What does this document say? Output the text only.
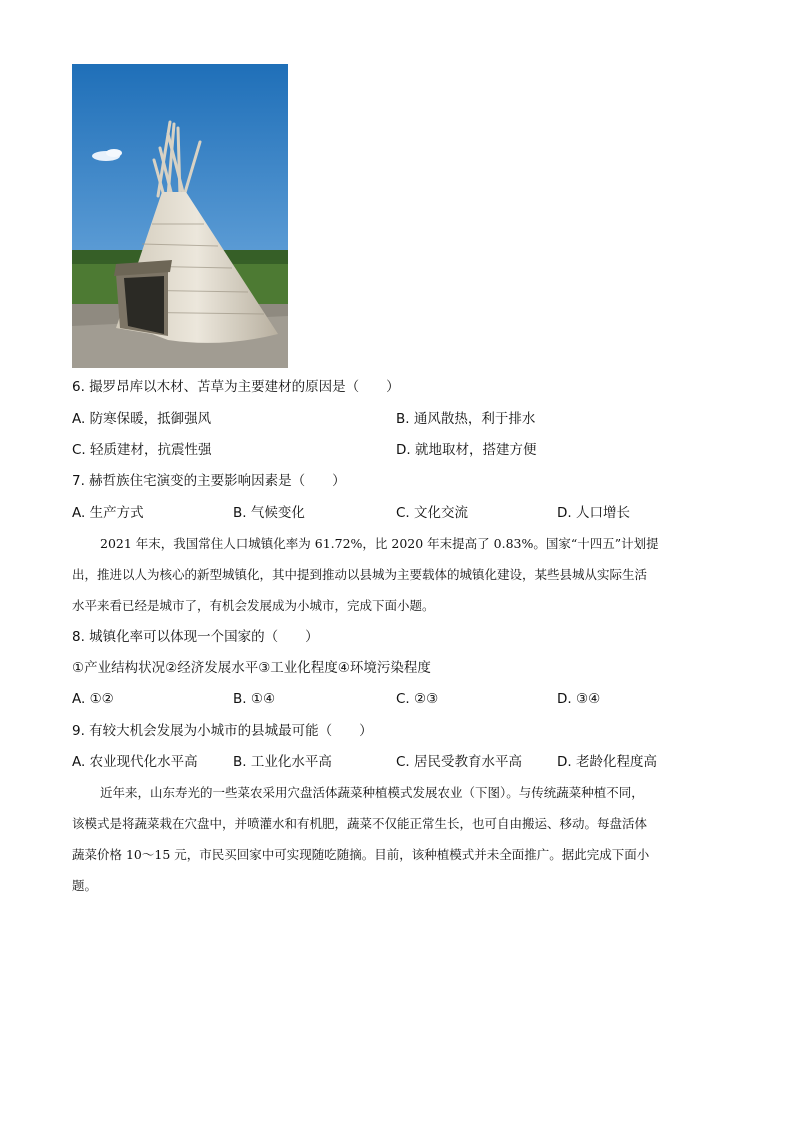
6. 撮罗昂库以木材、苫草为主要建材的原因是（　　）
A. 防寒保暖，抵御强风	B. 通风散热，利于排水
C. 轻质建材，抗震性强	D. 就地取材，搭建方便
7. 赫哲族住宅演变的主要影响因素是（　　）
A. 生产方式	B. 气候变化	C. 文化交流	D. 人口增长
2021 年末，我国常住人口城镇化率为 61.72%，比 2020 年末提高了 0.83%。国家“十四五”计划提
出，推进以人为核心的新型城镇化，其中提到推动以县城为主要载体的城镇化建设，某些县城从实际生活
水平来看已经是城市了，有机会发展成为小城市，完成下面小题。
8. 城镇化率可以体现一个国家的（　　）
①产业结构状况②经济发展水平③工业化程度④环境污染程度
A. ①②	B. ①④	C. ②③	D. ③④
9. 有较大机会发展为小城市的县城最可能（　　）
A. 农业现代化水平高	B. 工业化水平高	C. 居民受教育水平高	D. 老龄化程度高
近年来，山东寿光的一些菜农采用穴盘活体蔬菜种植模式发展农业（下图）。与传统蔬菜种植不同，
该模式是将蔬菜栽在穴盘中，并喷灌水和有机肥，蔬菜不仅能正常生长，也可自由搬运、移动。每盘活体
蔬菜价格 10～15 元，市民买回家中可实现随吃随摘。目前，该种植模式并未全面推广。据此完成下面小
题。
